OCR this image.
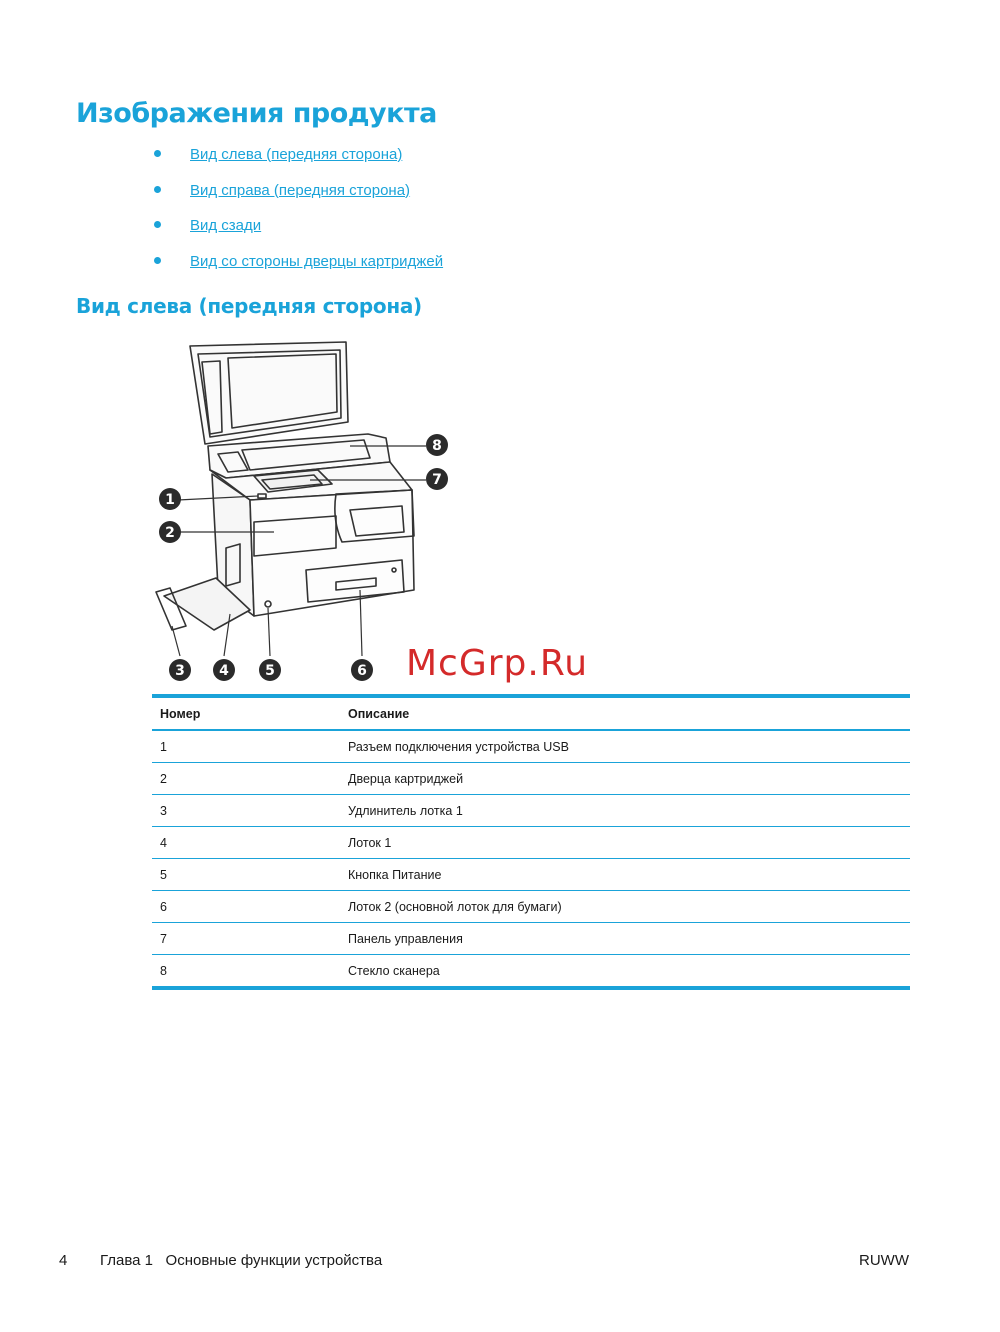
Изображения продукта
Вид слева (передняя сторона)
Вид справа (передняя сторона)
Вид сзади
Вид со стороны дверцы картриджей
Вид слева (передняя сторона)
1
2
3 4	5	6
7
8
McGrp.Ru
Номер	Описание
1	Разъем подключения устройства USB
2	Дверца картриджей
3	Удлинитель лотка 1
4	Лоток 1
5	Кнопка Питание
6	Лоток 2 (основной лоток для бумаги)
7	Панель управления
8	Стекло сканера
4 Глава 1   Основные функции устройства	RUWW
